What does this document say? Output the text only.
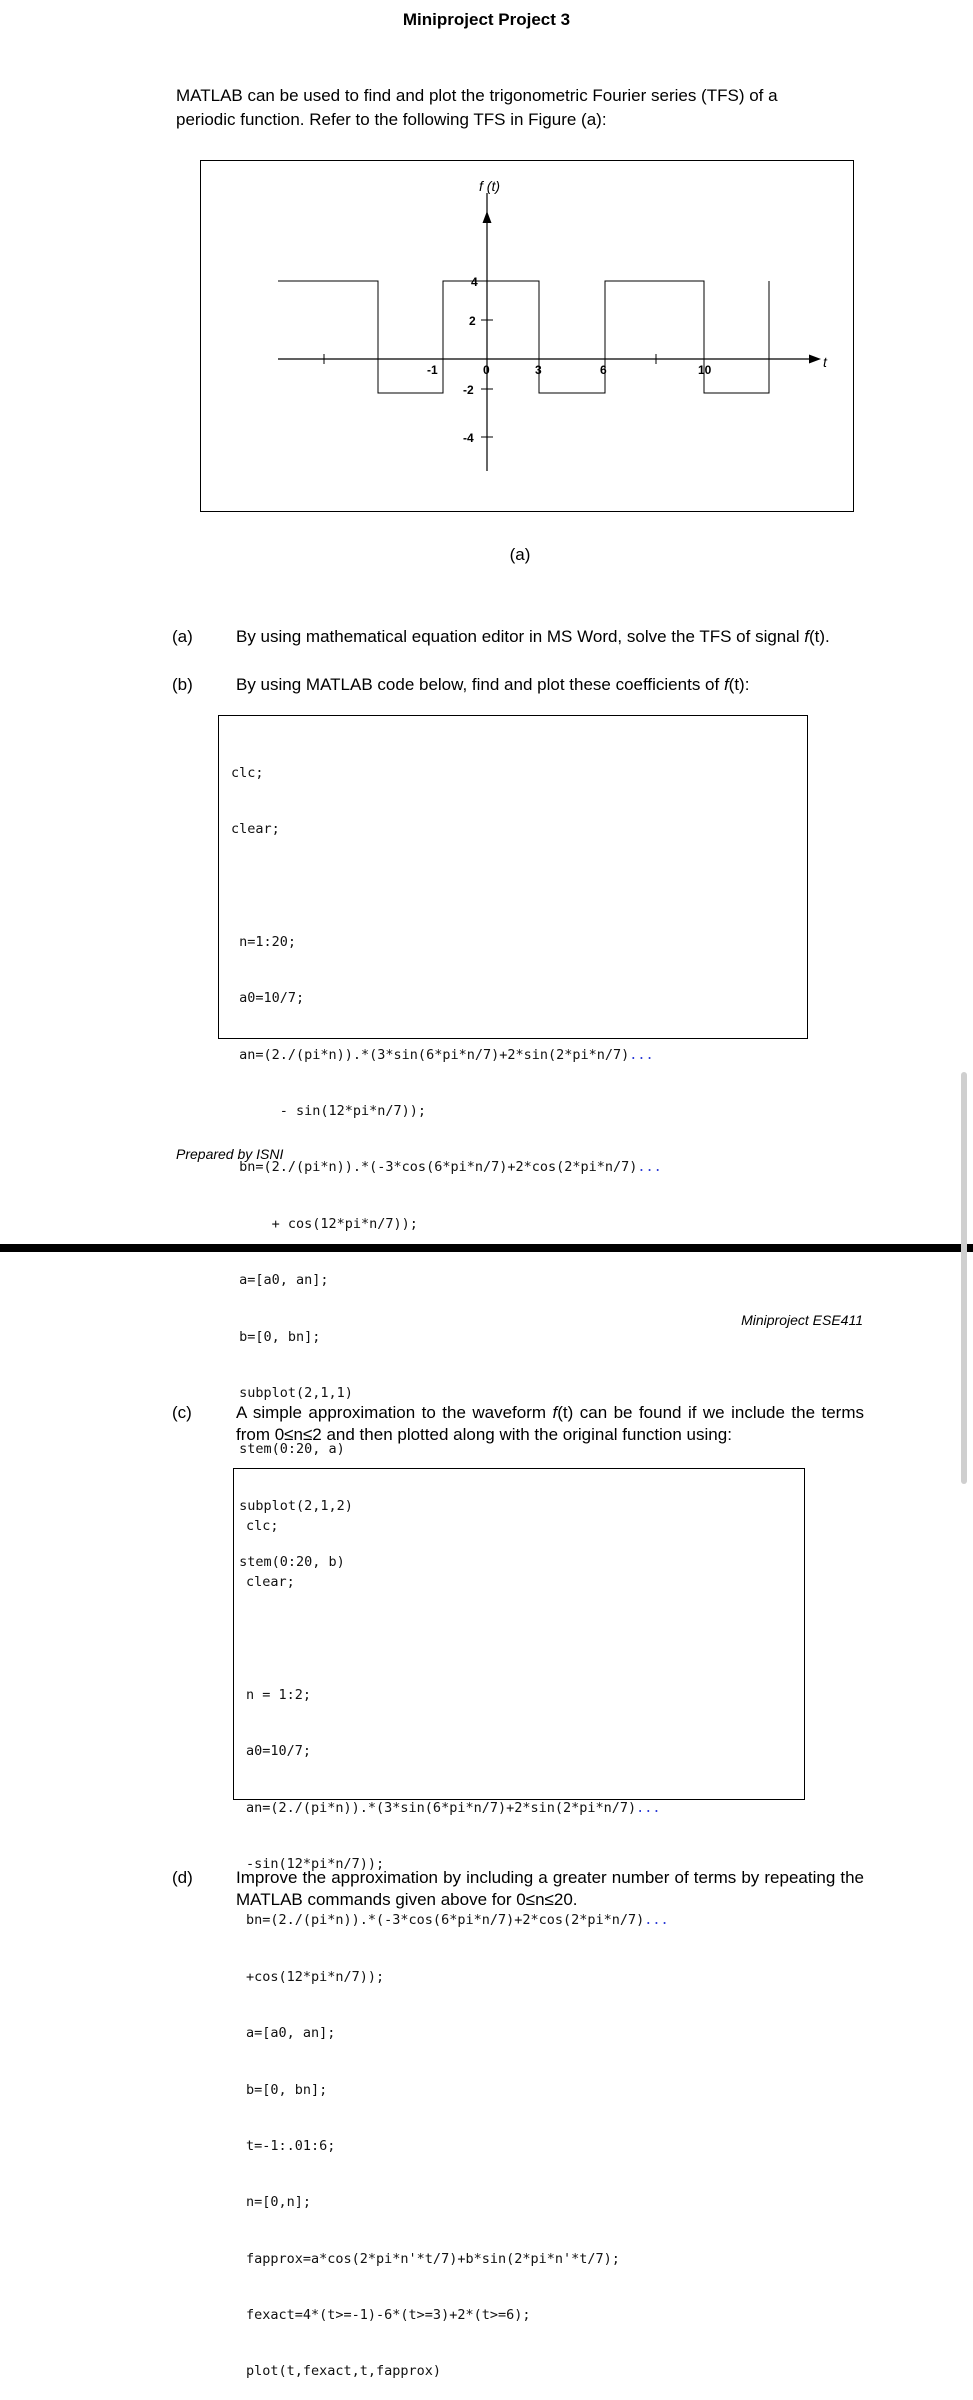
Miniproject Project 3
MATLAB can be used to find and plot the trigonometric Fourier series (TFS) of a periodic function. Refer to the following TFS in Figure (a):
f (t)
t
-1	0	3	6	10
4
2
-2
-4
(a)
(a)	By using mathematical equation editor in MS Word, solve the TFS of signal f(t).
(b)	By using MATLAB code below, find and plot these coefficients of f(t):

clc;

clear;

n=1:20;

a0=10/7;

an=(2./(pi*n)).*(3*sin(6*pi*n/7)+2*sin(2*pi*n/7)...

- sin(12*pi*n/7));

bn=(2./(pi*n)).*(-3*cos(6*pi*n/7)+2*cos(2*pi*n/7)...

+ cos(12*pi*n/7));

a=[a0, an];

b=[0, bn];

subplot(2,1,1)

stem(0:20, a)

subplot(2,1,2)

stem(0:20, b)

Prepared by ISNI
Miniproject ESE411
(c)	A simple approximation to the waveform f(t) can be found if we include the terms from 0≤n≤2 and then plotted along with the original function using:

clc;

clear;

n = 1:2;

a0=10/7;

an=(2./(pi*n)).*(3*sin(6*pi*n/7)+2*sin(2*pi*n/7)...

-sin(12*pi*n/7));

bn=(2./(pi*n)).*(-3*cos(6*pi*n/7)+2*cos(2*pi*n/7)...

+cos(12*pi*n/7));

a=[a0, an];

b=[0, bn];

t=-1:.01:6;

n=[0,n];

fapprox=a*cos(2*pi*n'*t/7)+b*sin(2*pi*n'*t/7);

fexact=4*(t>=-1)-6*(t>=3)+2*(t>=6);

plot(t,fexact,t,fapprox)

(d)	Improve the approximation by including a greater number of terms by repeating the MATLAB commands given above for 0≤n≤20.
